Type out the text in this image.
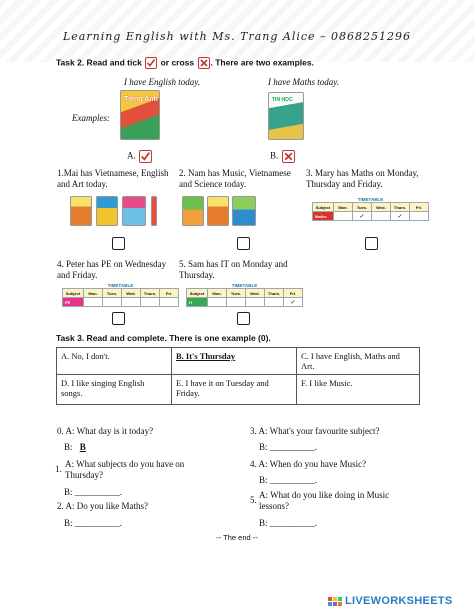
Learning English with Ms. Trang Alice – 0868251296
Task 2. Read and tick or cross . There are two examples.
I have English today.	I have Maths today.
Examples:
Tiếng Anh	TIN HỌC
A.	B.
1.Mai has Vietnamese, English and Art today.
2. Nam has Music, Vietnamese and Science today.
3. Mary has Maths on Monday, Thursday and Friday.
TIMETABLE
Subject	Mon.	Tues.	Wed.	Thurs.	Fri.
Maths		✓		✓	
4. Peter has PE on Wednesday and Friday.
5. Sam has IT on Monday and Thursday.
TIMETABLE
Subject	Mon.	Tues.	Wed.	Thurs.	Fri.
PE					
TIMETABLE
Subject	Mon.	Tues.	Wed.	Thurs.	Fri.
IT					✓
Task 3. Read and complete. There is one example (0).
A. No, I don't.	B. It's Thursday	C. I have English, Maths and Art.
D. I like singing English songs.	E. I have it on Tuesday and Friday.	F. I like Music.
0. A: What day is it today?
B: B
1. A: What subjects do you have on Thursday?
B: __________.
2. A: Do you like Maths?
B: __________.
3. A: What's your favourite subject?
B: __________.
4. A: When do you have Music?
B: __________.
5. A: What do you like doing in Music lessons?
B: __________.
-- The end --
LIVEWORKSHEETS
